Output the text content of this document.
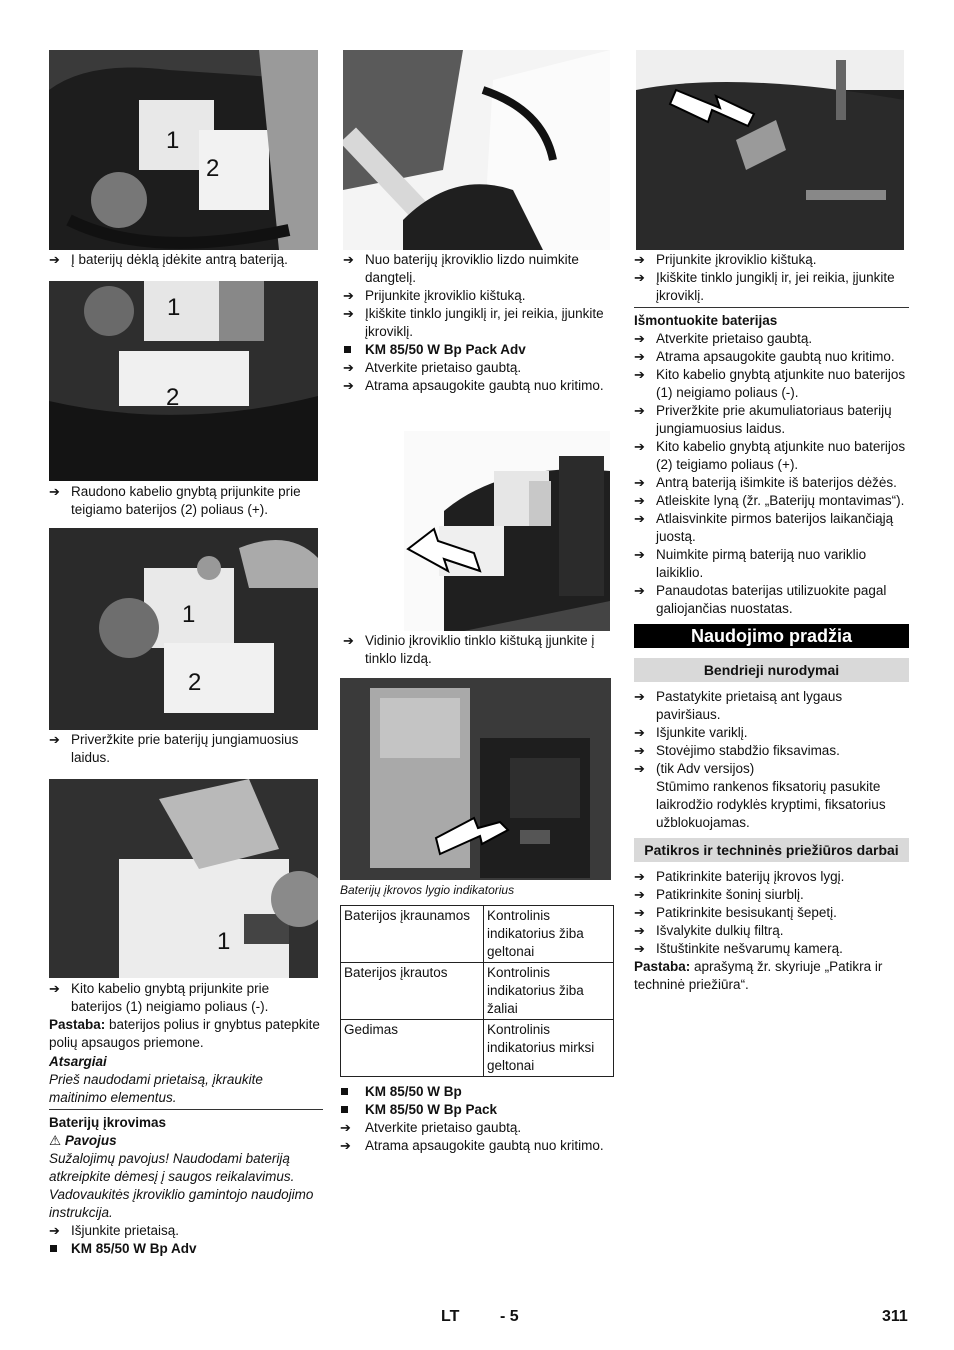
1
2
1
2
1
2
1

➔ Į baterijų dėklą įdėkite antrą bateriją.

➔ Raudono kabelio gnybtą prijunkite prie teigiamo baterijos (2) poliaus (+).

➔ Priveržkite prie baterijų jungiamuosius laidus.

➔ Kito kabelio gnybtą prijunkite prie baterijos (1) neigiamo poliaus (-).

Pastaba: baterijos polius ir gnybtus patepkite polių apsaugos priemone.

Atsargiai

Prieš naudodami prietaisą, įkraukite maitinimo elementus.

Baterijų įkrovimas

⚠ Pavojus

Sužalojimų pavojus! Naudodami bateriją atkreipkite dėmesį į saugos reikalavimus. Vadovaukitės įkroviklio gamintojo naudojimo instrukcija.

➔ Išjunkite prietaisą.

KM 85/50 W Bp Adv

➔ Nuo baterijų įkroviklio lizdo nuimkite dangtelį.

➔ Prijunkite įkroviklio kištuką.

➔ Įkiškite tinklo jungiklį ir, jei reikia, įjunkite įkroviklį.

KM 85/50 W Bp Pack Adv

➔ Atverkite prietaiso gaubtą.

➔ Atrama apsaugokite gaubtą nuo kritimo.

➔ Vidinio įkroviklio tinklo kištuką įjunkite į tinklo lizdą.

Baterijų įkrovos lygio indikatorius

Baterijos įkraunamos	Kontrolinis indikatorius žiba geltonai
Baterijos įkrautos	Kontrolinis indikatorius žiba žaliai
Gedimas	Kontrolinis indikatorius mirksi geltonai

KM 85/50 W Bp

KM 85/50 W Bp Pack

➔ Atverkite prietaiso gaubtą.

➔ Atrama apsaugokite gaubtą nuo kritimo.

➔ Prijunkite įkroviklio kištuką.

➔ Įkiškite tinklo jungiklį ir, jei reikia, įjunkite įkroviklį.

Išmontuokite baterijas

➔ Atverkite prietaiso gaubtą.

➔ Atrama apsaugokite gaubtą nuo kritimo.

➔ Kito kabelio gnybtą atjunkite nuo baterijos (1) neigiamo poliaus (-).

➔ Priveržkite prie akumuliatoriaus baterijų jungiamuosius laidus.

➔ Kito kabelio gnybtą atjunkite nuo baterijos (2) teigiamo poliaus (+).

➔ Antrą bateriją išimkite iš baterijos dėžės.

➔ Atleiskite lyną (žr. „Baterijų montavimas“).

➔ Atlaisvinkite pirmos baterijos laikančiąją juostą.

➔ Nuimkite pirmą bateriją nuo variklio laikiklio.

➔ Panaudotas baterijas utilizuokite pagal galiojančias nuostatas.

Naudojimo pradžia
Bendrieji nurodymai

➔ Pastatykite prietaisą ant lygaus paviršiaus.

➔ Išjunkite variklį.

➔ Stovėjimo stabdžio fiksavimas.

➔ (tik Adv versijos)

Stūmimo rankenos fiksatorių pasukite laikrodžio rodyklės kryptimi, fiksatorius užblokuojamas.

Patikros ir techninės priežiūros darbai

➔ Patikrinkite baterijų įkrovos lygį.

➔ Patikrinkite šoninį siurblį.

➔ Patikrinkite besisukantį šepetį.

➔ Išvalykite dulkių filtrą.

➔ Ištuštinkite nešvarumų kamerą.

Pastaba: aprašymą žr. skyriuje „Patikra ir techninė priežiūra“.

LT	- 5	311
